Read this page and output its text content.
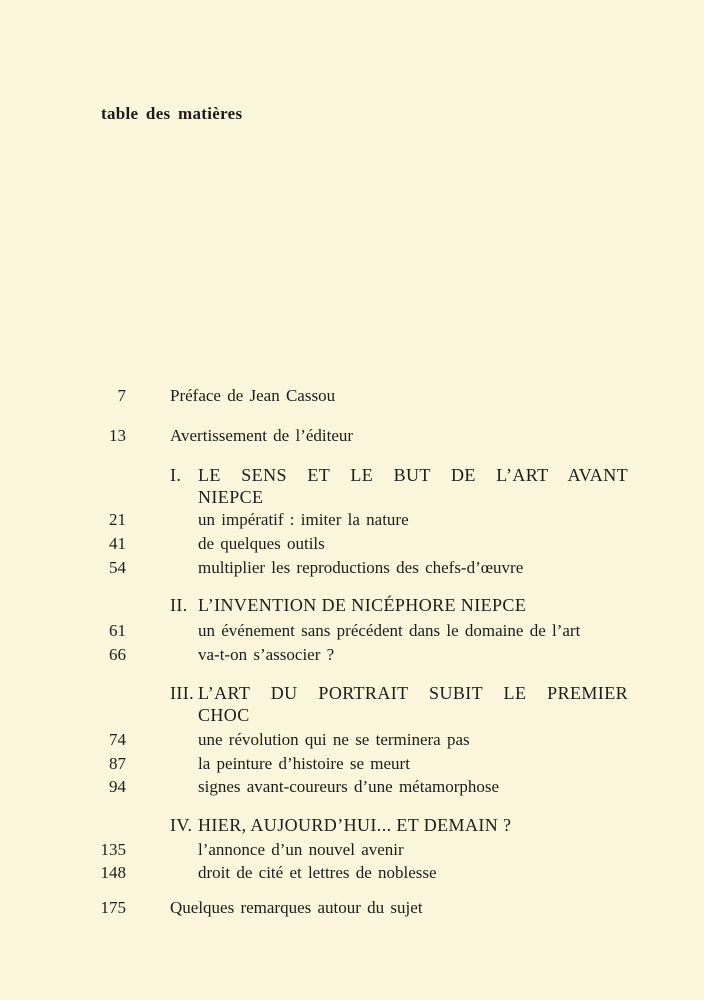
table des matières
7	Préface de Jean Cassou
13	Avertissement de l’éditeur
I. LE SENS ET LE BUT DE L’ART AVANT
NIEPCE
21	un impératif : imiter la nature
41	de quelques outils
54	multiplier les reproductions des chefs-d’œuvre
II. L’INVENTION DE NICÉPHORE NIEPCE
61	un événement sans précédent dans le domaine de l’art
66	va-t-on s’associer ?
III. L’ART DU PORTRAIT SUBIT LE PREMIER
CHOC
74	une révolution qui ne se terminera pas
87	la peinture d’histoire se meurt
94	signes avant-coureurs d’une métamorphose
IV. HIER, AUJOURD’HUI... ET DEMAIN ?
135	l’annonce d’un nouvel avenir
148	droit de cité et lettres de noblesse
175	Quelques remarques autour du sujet
